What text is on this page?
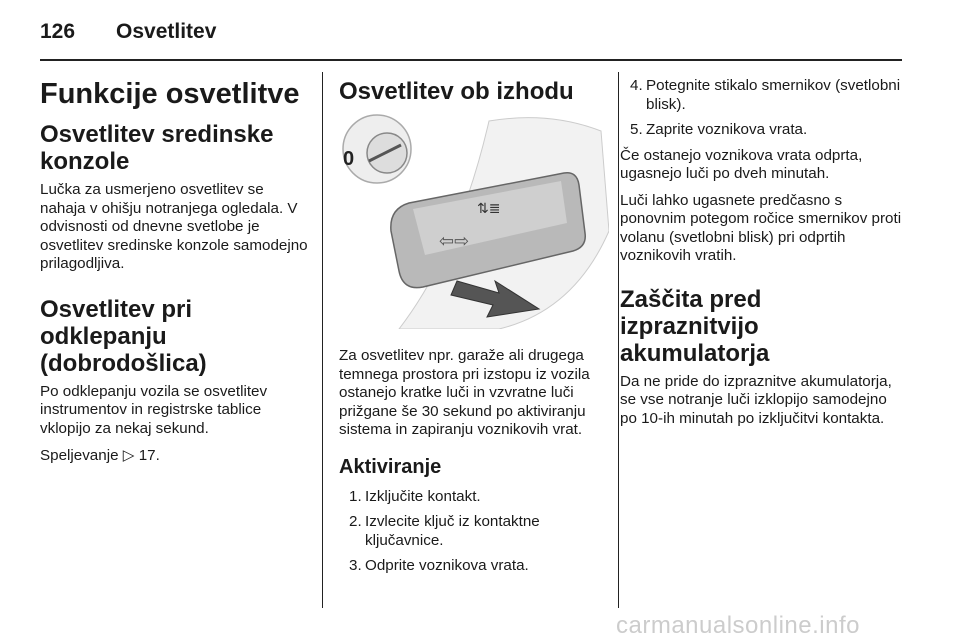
126 Osvetlitev
Funkcije osvetlitve
Osvetlitev sredinske konzole

Lučka za usmerjeno osvetlitev se nahaja v ohišju notranjega ogledala. V odvisnosti od dnevne svetlobe je osvetlitev sredinske konzole samodejno prilagodljiva.

Osvetlitev pri odklepanju (dobrodošlica)

Po odklepanju vozila se osvetlitev instrumentov in registrske tablice vklopijo za nekaj sekund.

Speljevanje ▷ 17.

Osvetlitev ob izhodu
0
⇦⇨
⇅≣

Za osvetlitev npr. garaže ali drugega temnega prostora pri izstopu iz vozila ostanejo kratke luči in vzvratne luči prižgane še 30 sekund po aktiviranju sistema in zapiranju voznikovih vrat.

Aktiviranje
1. Izključite kontakt.
2. Izvlecite ključ iz kontaktne ključavnice.
3. Odprite voznikova vrata.
4. Potegnite stikalo smernikov (svetlobni blisk).
5. Zaprite voznikova vrata.

Če ostanejo voznikova vrata odprta, ugasnejo luči po dveh minutah.

Luči lahko ugasnete predčasno s ponovnim potegom ročice smernikov proti volanu (svetlobni blisk) pri odprtih voznikovih vratih.

Zaščita pred izpraznitvijo akumulatorja

Da ne pride do izpraznitve akumulatorja, se vse notranje luči izklopijo samodejno po 10-ih minutah po izključitvi kontakta.

carmanualsonline.info
